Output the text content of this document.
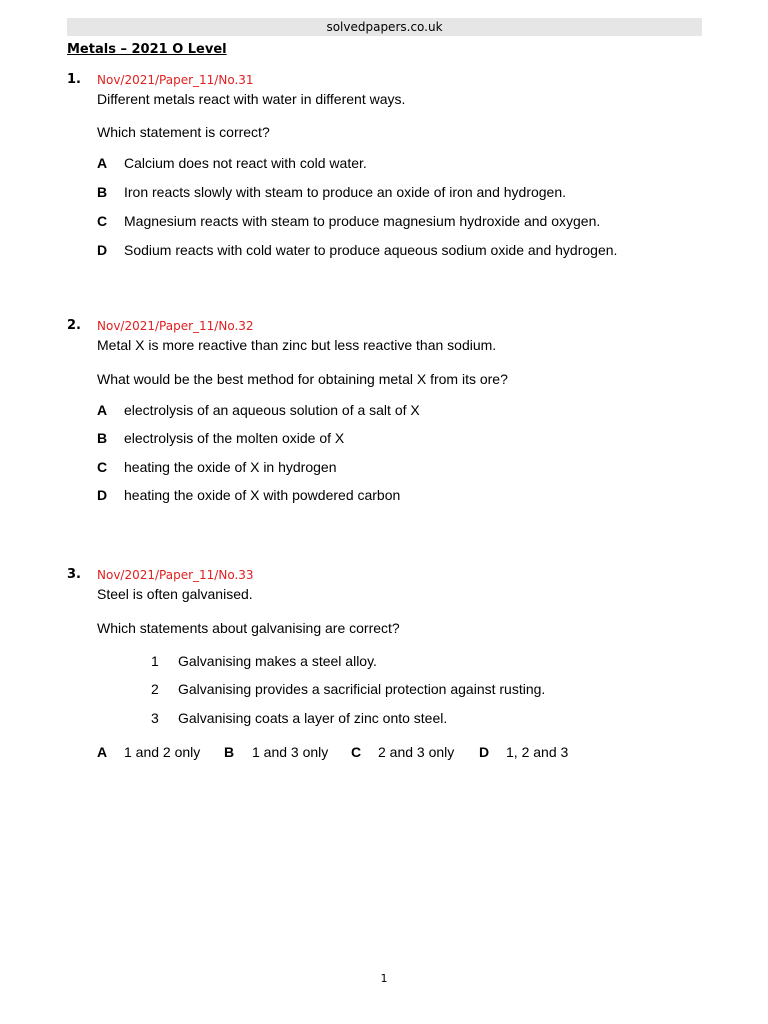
solvedpapers.co.uk
Metals – 2021 O Level
1. Nov/2021/Paper_11/No.31
Different metals react with water in different ways.
Which statement is correct?
A Calcium does not react with cold water.
B Iron reacts slowly with steam to produce an oxide of iron and hydrogen.
C Magnesium reacts with steam to produce magnesium hydroxide and oxygen.
D Sodium reacts with cold water to produce aqueous sodium oxide and hydrogen.
2. Nov/2021/Paper_11/No.32
Metal X is more reactive than zinc but less reactive than sodium.
What would be the best method for obtaining metal X from its ore?
A electrolysis of an aqueous solution of a salt of X
B electrolysis of the molten oxide of X
C heating the oxide of X in hydrogen
D heating the oxide of X with powdered carbon
3. Nov/2021/Paper_11/No.33
Steel is often galvanised.
Which statements about galvanising are correct?
1 Galvanising makes a steel alloy.
2 Galvanising provides a sacrificial protection against rusting.
3 Galvanising coats a layer of zinc onto steel.
A 1 and 2 only B 1 and 3 only C 2 and 3 only D 1, 2 and 3
1
